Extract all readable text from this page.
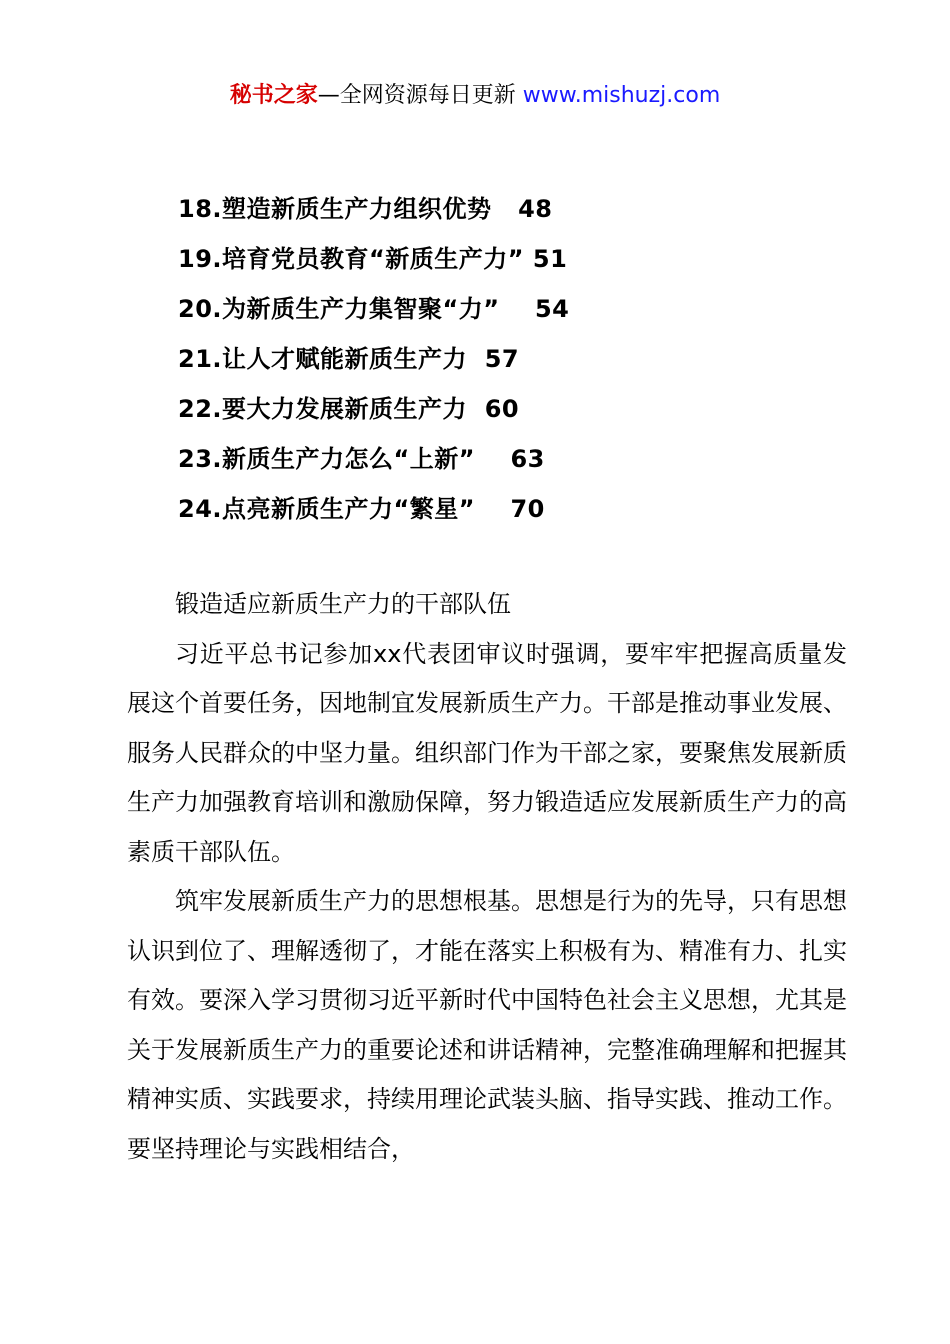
秘书之家—全网资源每日更新 www.mishuzj.com
18.塑造新质生产力组织优势   48
19.培育党员教育“新质生产力” 51
20.为新质生产力集智聚“力”    54
21.让人才赋能新质生产力  57
22.要大力发展新质生产力  60
23.新质生产力怎么“上新”    63
24.点亮新质生产力“繁星”    70

锻造适应新质生产力的干部队伍

习近平总书记参加xx代表团审议时强调，要牢牢把握高质量发展这个首要任务，因地制宜发展新质生产力。干部是推动事业发展、服务人民群众的中坚力量。组织部门作为干部之家，要聚焦发展新质生产力加强教育培训和激励保障，努力锻造适应发展新质生产力的高素质干部队伍。

筑牢发展新质生产力的思想根基。思想是行为的先导，只有思想认识到位了、理解透彻了，才能在落实上积极有为、精准有力、扎实有效。要深入学习贯彻习近平新时代中国特色社会主义思想，尤其是关于发展新质生产力的重要论述和讲话精神，完整准确理解和把握其精神实质、实践要求，持续用理论武装头脑、指导实践、推动工作。要坚持理论与实践相结合，
